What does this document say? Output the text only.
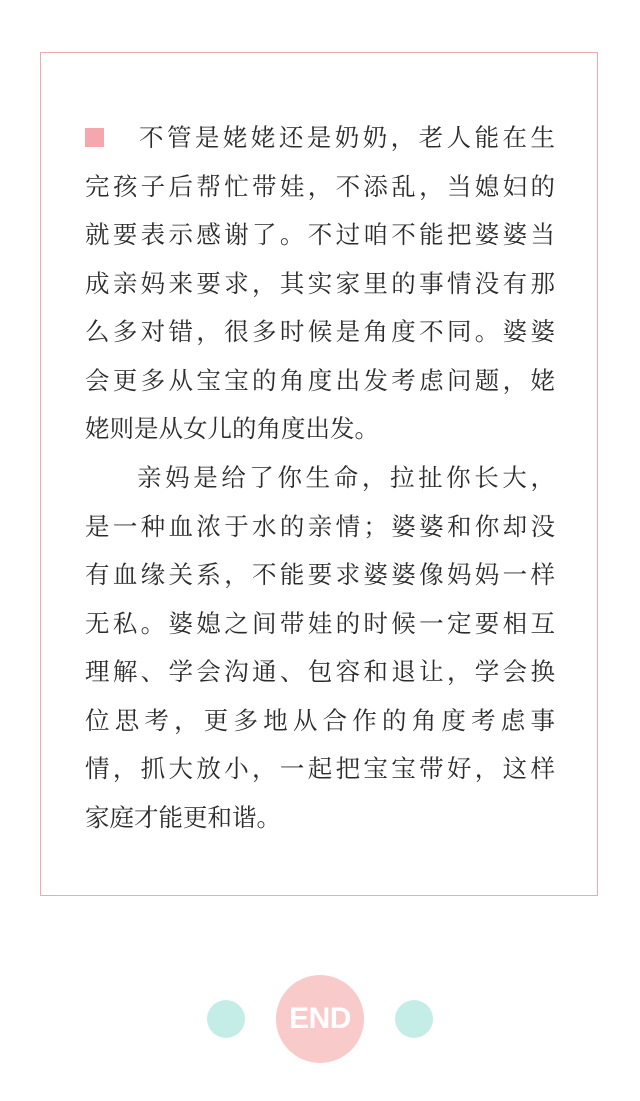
不管是姥姥还是奶奶，老人能在生
完孩子后帮忙带娃，不添乱，当媳妇的
就要表示感谢了。不过咱不能把婆婆当
成亲妈来要求，其实家里的事情没有那
么多对错，很多时候是角度不同。婆婆
会更多从宝宝的角度出发考虑问题，姥
姥则是从女儿的角度出发。
亲妈是给了你生命，拉扯你长大，
是一种血浓于水的亲情；婆婆和你却没
有血缘关系，不能要求婆婆像妈妈一样
无私。婆媳之间带娃的时候一定要相互
理解、学会沟通、包容和退让，学会换
位思考，更多地从合作的角度考虑事
情，抓大放小，一起把宝宝带好，这样
家庭才能更和谐。
END
